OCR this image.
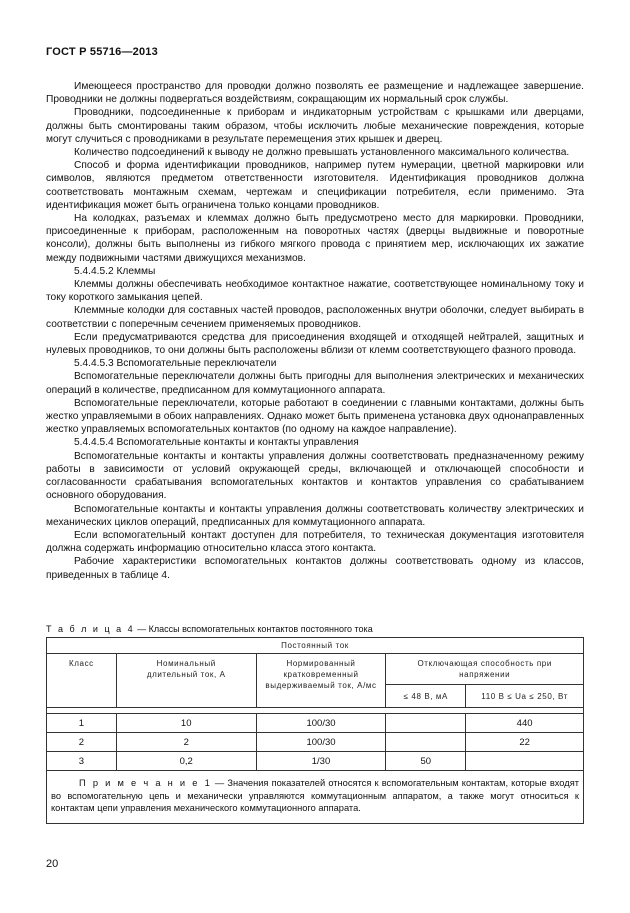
ГОСТ Р 55716—2013

Имеющееся пространство для проводки должно позволять ее размещение и надлежащее завершение. Проводники не должны подвергаться воздействиям, сокращающим их нормальный срок службы.

Проводники, подсоединенные к приборам и индикаторным устройствам с крышками или дверцами, должны быть смонтированы таким образом, чтобы исключить любые механические повреждения, которые могут случиться с проводниками в результате перемещения этих крышек и дверец.

Количество подсоединений к выводу не должно превышать установленного максимального количества.

Способ и форма идентификации проводников, например путем нумерации, цветной маркировки или символов, являются предметом ответственности изготовителя. Идентификация проводников должна соответствовать монтажным схемам, чертежам и спецификации потребителя, если применимо. Эта идентификация может быть ограничена только концами проводников.

На колодках, разъемах и клеммах должно быть предусмотрено место для маркировки. Проводники, присоединенные к приборам, расположенным на поворотных частях (дверцы выдвижные и поворотные консоли), должны быть выполнены из гибкого мягкого провода с принятием мер, исключающих их зажатие между подвижными частями движущихся механизмов.

5.4.4.5.2 Клеммы

Клеммы должны обеспечивать необходимое контактное нажатие, соответствующее номинальному току и току короткого замыкания цепей.

Клеммные колодки для составных частей проводов, расположенных внутри оболочки, следует выбирать в соответствии с поперечным сечением применяемых проводников.

Если предусматриваются средства для присоединения входящей и отходящей нейтралей, защитных и нулевых проводников, то они должны быть расположены вблизи от клемм соответствующего фазного провода.

5.4.4.5.3 Вспомогательные переключатели

Вспомогательные переключатели должны быть пригодны для выполнения электрических и механических операций в количестве, предписанном для коммутационного аппарата.

Вспомогательные переключатели, которые работают в соединении с главными контактами, должны быть жестко управляемыми в обоих направлениях. Однако может быть применена установка двух однонаправленных жестко управляемых вспомогательных контактов (по одному на каждое направление).

5.4.4.5.4 Вспомогательные контакты и контакты управления

Вспомогательные контакты и контакты управления должны соответствовать предназначенному режиму работы в зависимости от условий окружающей среды, включающей и отключающей способности и согласованности срабатывания вспомогательных контактов и контактов управления со срабатыванием основного оборудования.

Вспомогательные контакты и контакты управления должны соответствовать количеству электрических и механических циклов операций, предписанных для коммутационного аппарата.

Если вспомогательный контакт доступен для потребителя, то техническая документация изготовителя должна содержать информацию относительно класса этого контакта.

Рабочие характеристики вспомогательных контактов должны соответствовать одному из классов, приведенных в таблице 4.

Т а б л и ц а 4 — Классы вспомогательных контактов постоянного тока
Постоянный ток				
Класс	Номинальный длительный ток, А	Нормированный кратковременный выдерживаемый ток, А/мс	Отключающая способность при напряжении	
			≤ 48 В, мА	110 В ≤ Ua ≤ 250, Вт

1	10	100/30		440
2	2	100/30		22
3	0,2	1/30	50	
П р и м е ч а н и е 1 — Значения показателей относятся к вспомогательным контактам, которые входят во вспомогательную цепь и механически управляются коммутационным аппаратом, а также могут относиться к контактам цепи управления механического коммутационного аппарата.				
20
